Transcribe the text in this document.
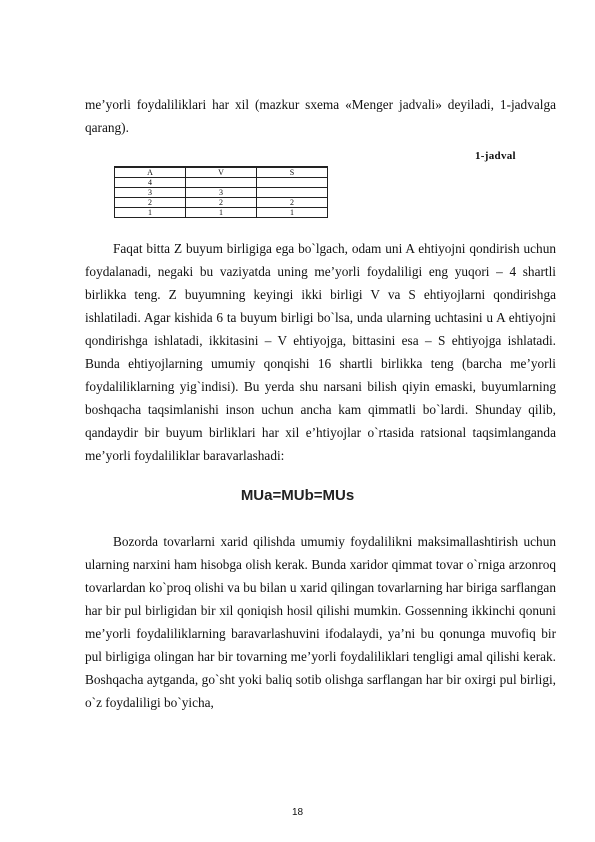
me’yorli foydaliliklari har xil (mazkur sxema «Menger jadvali» deyiladi, 1-jadvalga qarang).

1-jadval
A	V	S
4		
3	3	
2	2	2
1	1	1

Faqat bitta Z buyum birligiga ega bo`lgach, odam uni A ehtiyojni qondirish uchun foydalanadi, negaki bu vaziyatda uning me’yorli foydaliligi eng yuqori – 4 shartli birlikka teng. Z buyumning keyingi ikki birligi V va S ehtiyojlarni qondirishga ishlatiladi. Agar kishida 6 ta buyum birligi bo`lsa, unda ularning uchtasini u A ehtiyojni qondirishga ishlatadi, ikkitasini – V ehtiyojga, bittasini esa – S ehtiyojga ishlatadi. Bunda ehtiyojlarning umumiy qonqishi 16 shartli birlikka teng (barcha me’yorli foydaliliklarning yig`indisi). Bu yerda shu narsani bilish qiyin emaski, buyumlarning boshqacha taqsimlanishi inson uchun ancha kam qimmatli bo`lardi. Shunday qilib, qandaydir bir buyum birliklari har xil e’htiyojlar o`rtasida ratsional taqsimlanganda me’yorli foydaliliklar baravarlashadi:

MUa=MUb=MUs

Bozorda tovarlarni xarid qilishda umumiy foydalilikni maksimallashtirish uchun ularning narxini ham hisobga olish kerak. Bunda xaridor qimmat tovar o`rniga arzonroq tovarlardan ko`proq olishi va bu bilan u xarid qilingan tovarlarning har biriga sarflangan har bir pul birligidan bir xil qoniqish hosil qilishi mumkin. Gossenning ikkinchi qonuni me’yorli foydaliliklarning baravarlashuvini ifodalaydi, ya’ni bu qonunga muvofiq bir pul birligiga olingan har bir tovarning me’yorli foydaliliklari tengligi amal qilishi kerak. Boshqacha aytganda, go`sht yoki baliq sotib olishga sarflangan har bir oxirgi pul birligi, o`z foydaliligi bo`yicha,

18
